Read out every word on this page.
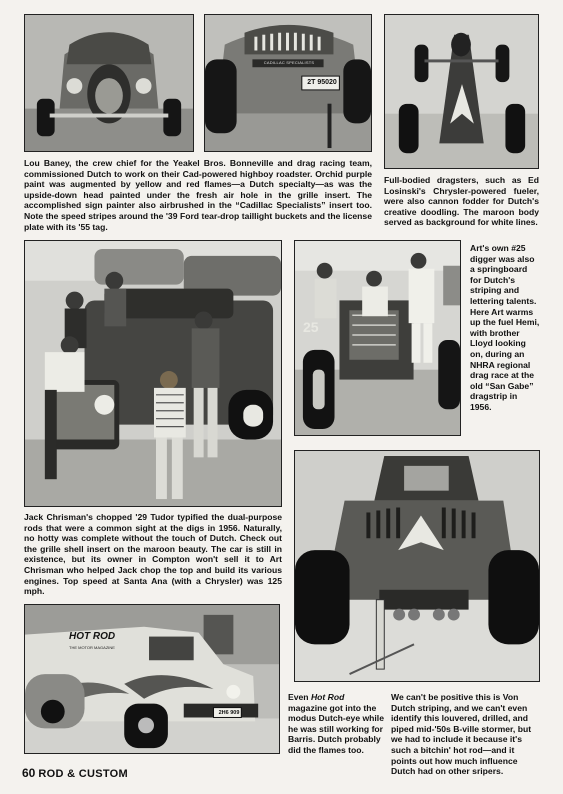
CADILLAC SPECIALISTS
2T 95020

Lou Baney, the crew chief for the Yeakel Bros. Bonneville and drag racing team, commissioned Dutch to work on their Cad-powered highboy roadster. Orchid purple paint was augmented by yellow and red flames—a Dutch specialty—as was the upside-down head painted under the fresh air hole in the grille insert. The accomplished sign painter also airbrushed in the “Cadillac Specialists” insert too. Note the speed stripes around the '39 Ford tear-drop taillight buckets and the license plate with its '55 tag.

Full-bodied dragsters, such as Ed Losinski's Chrysler-powered fueler, were also cannon fodder for Dutch's creative doodling. The maroon body served as background for white lines.

25

Art's own #25 digger was also a springboard for Dutch's striping and lettering talents. Here Art warms up the fuel Hemi, with brother Lloyd looking on, during an NHRA regional drag race at the old “San Gabe” dragstrip in 1956.

Jack Chrisman's chopped '29 Tudor typified the dual-purpose rods that were a common sight at the digs in 1956. Naturally, no hotty was complete without the touch of Dutch. Check out the grille shell insert on the maroon beauty. The car is still in existence, but its owner in Compton won't sell it to Art Chrisman who helped Jack chop the top and build its various engines. Top speed at Santa Ana (with a Chrysler) was 125 mph.

HOT ROD
THE MOTOR MAGAZINE
2H6 909

Even Hot Rod magazine got into the modus Dutch-eye while he was still working for Barris. Dutch probably did the flames too.

We can't be positive this is Von Dutch striping, and we can't even identify this louvered, drilled, and piped mid-'50s B-ville stormer, but we had to include it because it's such a bitchin' hot rod—and it points out how much influence Dutch had on other sripers.

60 ROD & CUSTOM
